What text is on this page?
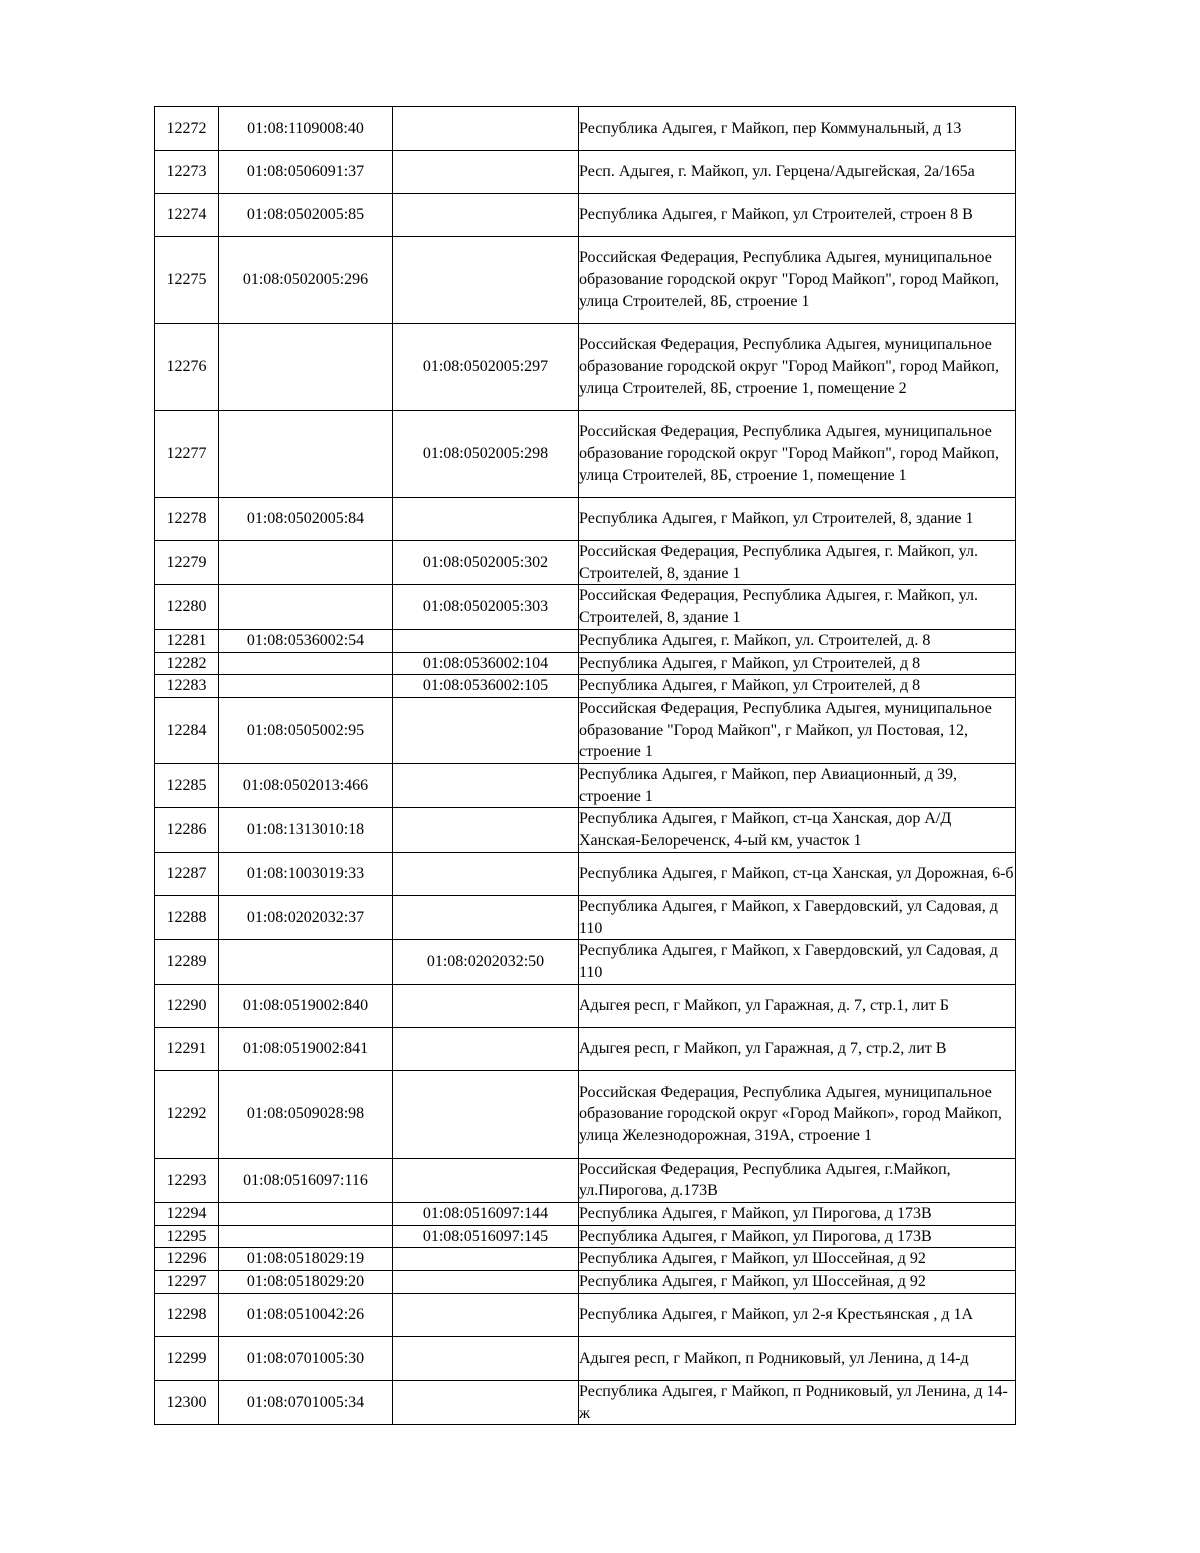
12272	01:08:1109008:40		Республика Адыгея, г Майкоп, пер Коммунальный, д 13
12273	01:08:0506091:37		Респ. Адыгея, г. Майкоп, ул. Герцена/Адыгейская, 2а/165а
12274	01:08:0502005:85		Республика Адыгея, г Майкоп, ул Строителей, строен 8 В
12275	01:08:0502005:296		Российская Федерация, Республика Адыгея, муниципальное образование городской округ "Город Майкоп", город Майкоп, улица Строителей, 8Б, строение 1
12276		01:08:0502005:297	Российская Федерация, Республика Адыгея, муниципальное образование городской округ "Город Майкоп", город Майкоп, улица Строителей, 8Б, строение 1, помещение 2
12277		01:08:0502005:298	Российская Федерация, Республика Адыгея, муниципальное образование городской округ "Город Майкоп", город Майкоп, улица Строителей, 8Б, строение 1, помещение 1
12278	01:08:0502005:84		Республика Адыгея, г Майкоп, ул Строителей, 8, здание 1
12279		01:08:0502005:302	Российская Федерация, Республика Адыгея, г. Майкоп, ул. Строителей, 8, здание 1
12280		01:08:0502005:303	Российская Федерация, Республика Адыгея, г. Майкоп, ул. Строителей, 8, здание 1
12281	01:08:0536002:54		Республика Адыгея, г. Майкоп, ул. Строителей, д. 8
12282		01:08:0536002:104	Республика Адыгея, г Майкоп, ул Строителей, д 8
12283		01:08:0536002:105	Республика Адыгея, г Майкоп, ул Строителей, д 8
12284	01:08:0505002:95		Российская Федерация, Республика Адыгея, муниципальное образование "Город Майкоп", г Майкоп, ул Постовая, 12, строение 1
12285	01:08:0502013:466		Республика Адыгея, г Майкоп, пер Авиационный, д 39, строение 1
12286	01:08:1313010:18		Республика Адыгея, г Майкоп, ст-ца Ханская, дор А/Д Ханская-Белореченск, 4-ый км, участок 1
12287	01:08:1003019:33		Республика Адыгея, г Майкоп, ст-ца Ханская, ул Дорожная, 6-б
12288	01:08:0202032:37		Республика Адыгея, г Майкоп, х Гавердовский, ул Садовая, д 110
12289		01:08:0202032:50	Республика Адыгея, г Майкоп, х Гавердовский, ул Садовая, д 110
12290	01:08:0519002:840		Адыгея респ, г Майкоп, ул Гаражная, д. 7, стр.1, лит Б
12291	01:08:0519002:841		Адыгея респ, г Майкоп, ул Гаражная, д 7, стр.2, лит В
12292	01:08:0509028:98		Российская Федерация, Республика Адыгея, муниципальное образование городской округ «Город Майкоп», город Майкоп, улица Железнодорожная, 319А, строение 1
12293	01:08:0516097:116		Российская Федерация, Республика Адыгея, г.Майкоп, ул.Пирогова, д.173В
12294		01:08:0516097:144	Республика Адыгея, г Майкоп, ул Пирогова, д 173В
12295		01:08:0516097:145	Республика Адыгея, г Майкоп, ул Пирогова, д 173В
12296	01:08:0518029:19		Республика Адыгея, г Майкоп, ул Шоссейная, д 92
12297	01:08:0518029:20		Республика Адыгея, г Майкоп, ул Шоссейная, д 92
12298	01:08:0510042:26		Республика Адыгея, г Майкоп, ул 2-я Крестьянская , д 1А
12299	01:08:0701005:30		Адыгея респ, г Майкоп, п Родниковый, ул Ленина, д 14-д
12300	01:08:0701005:34		Республика Адыгея, г Майкоп, п Родниковый, ул Ленина, д 14-ж
